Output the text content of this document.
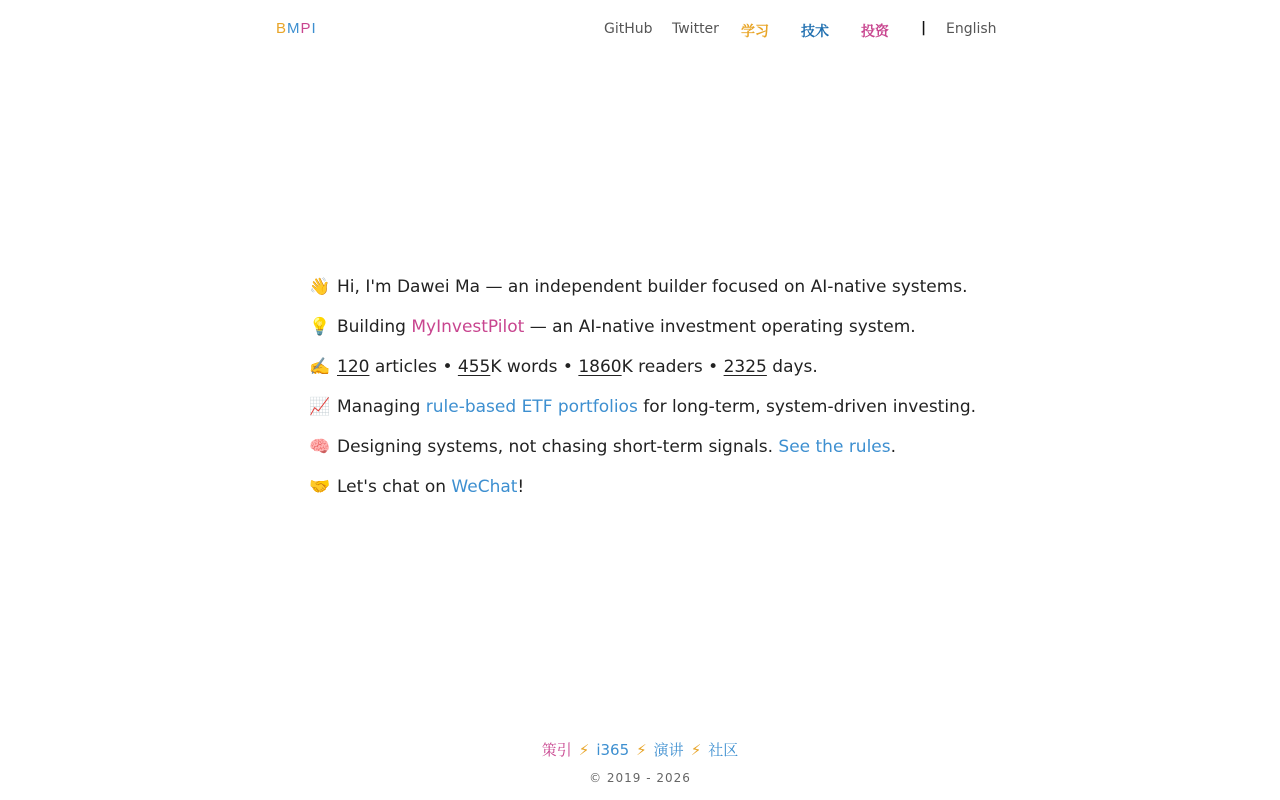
BMPI	GitHub Twitter 学习 技术 投资 | English
👋 Hi, I'm Dawei Ma — an independent builder focused on AI-native systems.
💡 Building MyInvestPilot — an AI-native investment operating system.
✍️ 120 articles • 455K words • 1860K readers • 2325 days.
📈 Managing rule-based ETF portfolios for long-term, system-driven investing.
🧠 Designing systems, not chasing short-term signals. See the rules.
🤝 Let's chat on WeChat!
策引 ⚡ i365 ⚡ 演讲 ⚡ 社区
© 2019 - 2026
